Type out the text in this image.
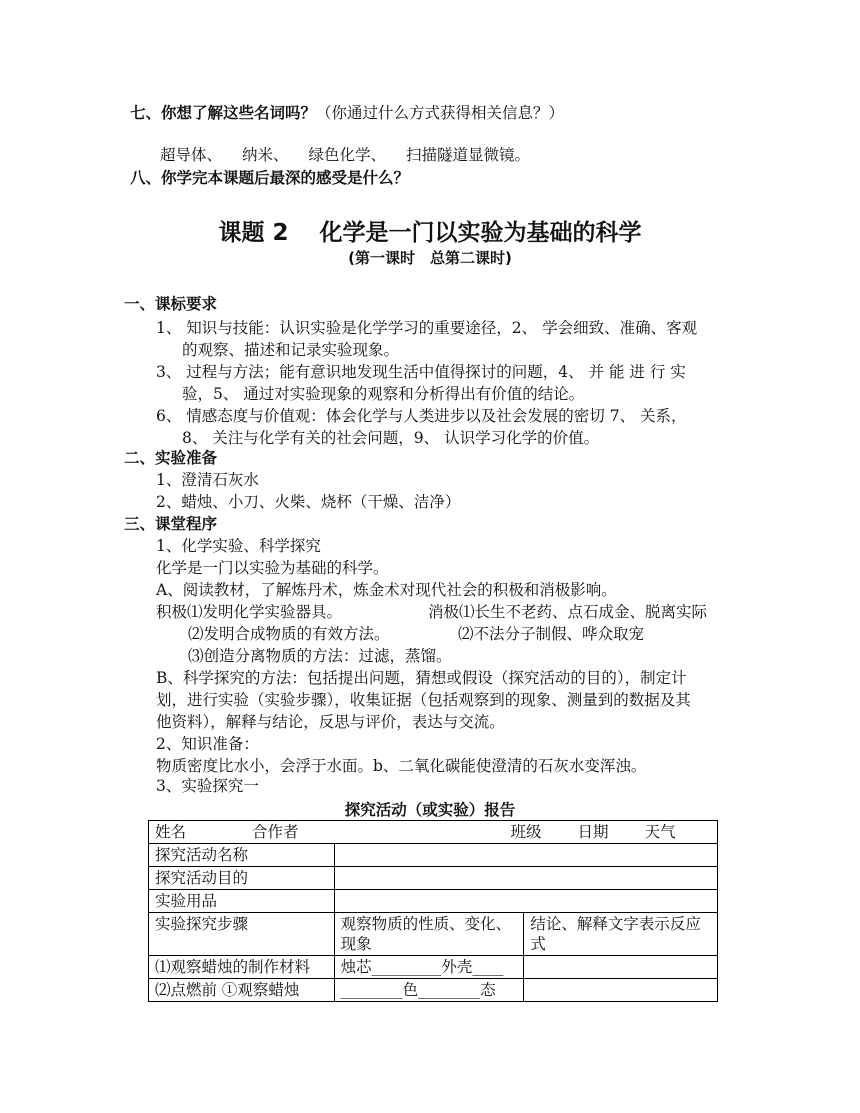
七、你想了解这些名词吗？（你通过什么方式获得相关信息？）
超导体、 纳米、 绿色化学、 扫描隧道显微镜。
八、你学完本课题后最深的感受是什么？
课题 2　 化学是一门以实验为基础的科学
(第一课时　总第二课时)
一、课标要求
1、 知识与技能：认识实验是化学学习的重要途径，2、 学会细致、准确、客观
的观察、描述和记录实验现象。
3、 过程与方法；能有意识地发现生活中值得探讨的问题，4、 并 能 进 行 实
验，5、 通过对实验现象的观察和分析得出有价值的结论。
6、 情感态度与价值观：体会化学与人类进步以及社会发展的密切 7、 关系，
8、 关注与化学有关的社会问题，9、 认识学习化学的价值。
二、实验准备
1、澄清石灰水
2、蜡烛、小刀、火柴、烧杯（干燥、洁净）
三、课堂程序
1、化学实验、科学探究
化学是一门以实验为基础的科学。
A、阅读教材，了解炼丹术，炼金术对现代社会的积极和消极影响。
积极⑴发明化学实验器具。	消极⑴长生不老药、点石成金、脱离实际
⑵发明合成物质的有效方法。	⑵不法分子制假、哗众取宠
⑶创造分离物质的方法：过滤，蒸馏。
B、科学探究的方法：包括提出问题，猜想或假设（探究活动的目的），制定计
划，进行实验（实验步骤），收集证据（包括观察到的现象、测量到的数据及其
他资料），解释与结论，反思与评价，表达与交流。
2、知识准备：
物质密度比水小，会浮于水面。b、二氧化碳能使澄清的石灰水变浑浊。
3、实验探究一
探究活动（或实验）报告
姓名 合作者 班级 日期 天气		
探究活动名称		
探究活动目的		
实验用品		
实验探究步骤	观察物质的性质、变化、现象	结论、解释文字表示反应式
⑴观察蜡烛的制作材料	烛芯_________外壳____	
⑵点燃前 ①观察蜡烛	________色________态	
